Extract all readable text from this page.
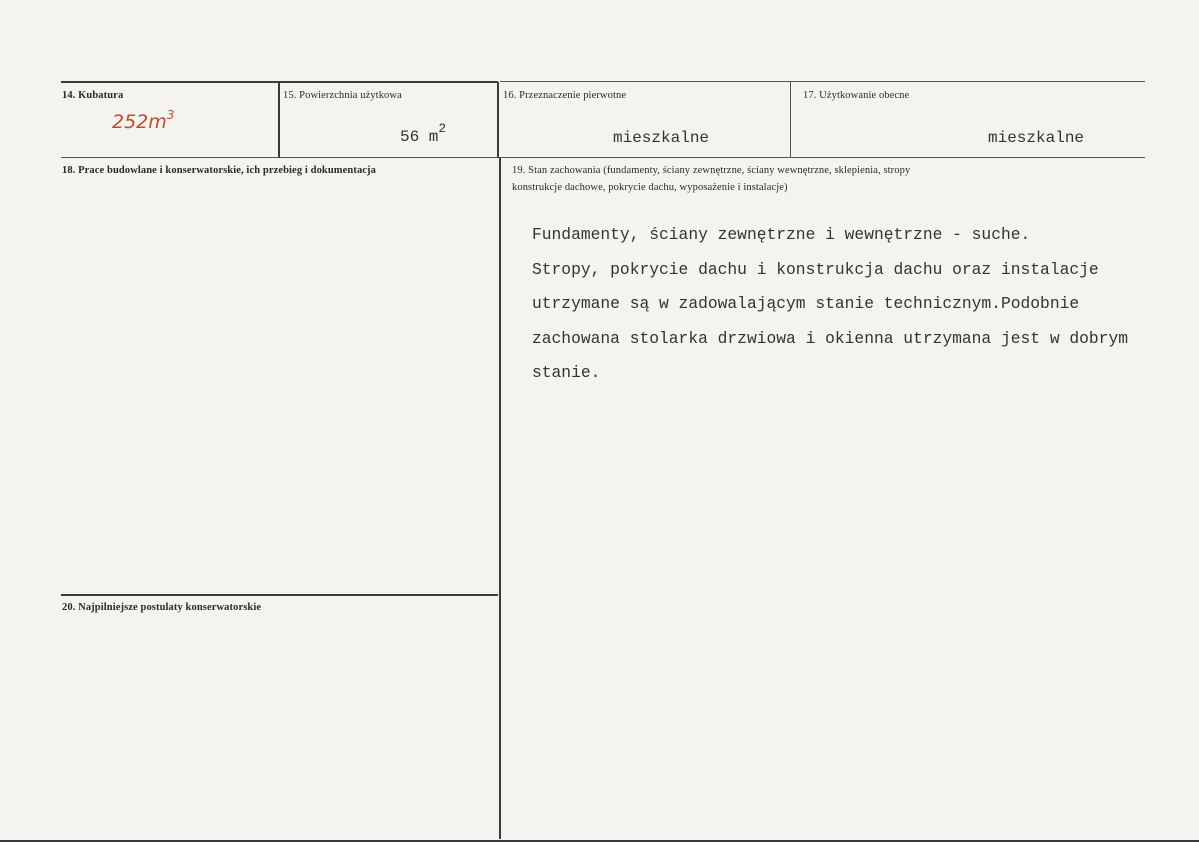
14. Kubatura
$252m^3$
15. Powierzchnia użytkowa
56 $m^2$
16. Przeznaczenie pierwotne
mieszkalne
17. Użytkowanie obecne
mieszkalne
18. Prace budowlane i konserwatorskie, ich przebieg i dokumentacja	19. Stan zachowania (fundamenty, ściany zewnętrzne, ściany wewnętrzne, sklepienia, stropy
konstrukcje dachowe, pokrycie dachu, wyposażenie i instalacje)
Fundamenty, ściany zewnętrzne i wewnętrzne - suche.
Stropy, pokrycie dachu i konstrukcja dachu oraz instalacje
utrzymane są w zadowalającym stanie technicznym.Podobnie
zachowana stolarka drzwiowa i okienna utrzymana jest w dobrym
stanie.
20. Najpilniejsze postulaty konserwatorskie
